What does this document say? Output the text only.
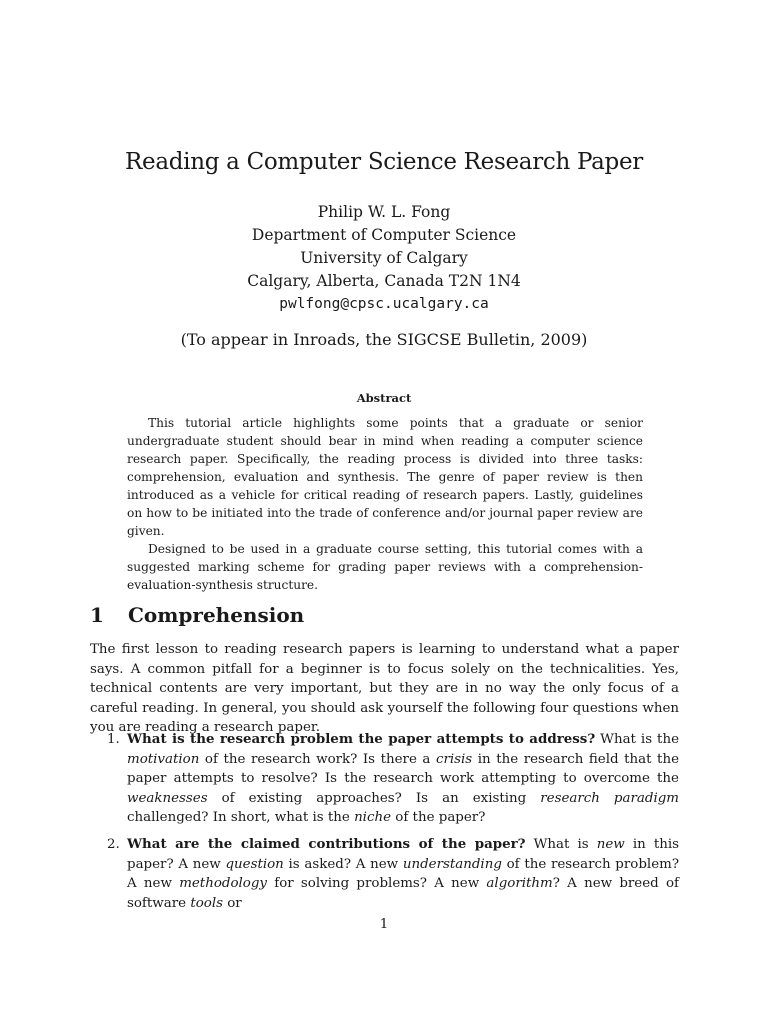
Reading a Computer Science Research Paper
Philip W. L. Fong
Department of Computer Science
University of Calgary
Calgary, Alberta, Canada T2N 1N4
pwlfong@cpsc.ucalgary.ca
(To appear in Inroads, the SIGCSE Bulletin, 2009)
Abstract

This tutorial article highlights some points that a graduate or senior undergraduate student should bear in mind when reading a computer science research paper. Specifically, the reading process is divided into three tasks: comprehension, evaluation and synthesis. The genre of paper review is then introduced as a vehicle for critical reading of research papers. Lastly, guidelines on how to be initiated into the trade of conference and/or journal paper review are given.

Designed to be used in a graduate course setting, this tutorial comes with a suggested marking scheme for grading paper reviews with a comprehension-evaluation-synthesis structure.

1 Comprehension

The first lesson to reading research papers is learning to understand what a paper says. A common pitfall for a beginner is to focus solely on the technicalities. Yes, technical contents are very important, but they are in no way the only focus of a careful reading. In general, you should ask yourself the following four questions when you are reading a research paper.

1. What is the research problem the paper attempts to address? What is the motivation of the research work? Is there a crisis in the research field that the paper attempts to resolve? Is the research work attempting to overcome the weaknesses of existing approaches? Is an existing research paradigm challenged? In short, what is the niche of the paper?
2. What are the claimed contributions of the paper? What is new in this paper? A new question is asked? A new understanding of the research problem? A new methodology for solving problems? A new algorithm? A new breed of software tools or
1
